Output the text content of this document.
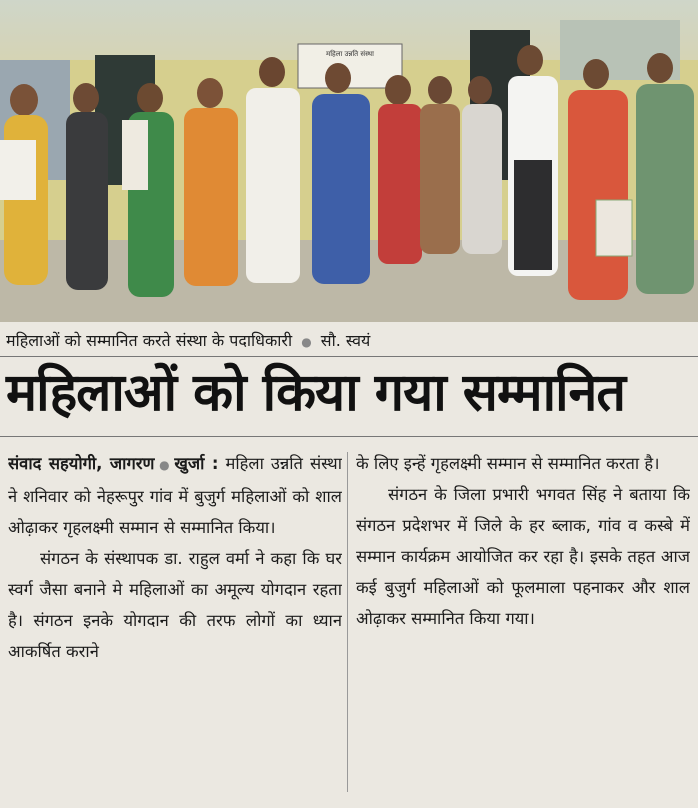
महिला उन्नति संस्था
महिलाओं को सम्मानित करते संस्था के पदाधिकारी ● सौ. स्वयं
महिलाओं को किया गया सम्मानित

संवाद सहयोगी, जागरण ● खुर्जा : महिला उन्नति संस्था ने शनिवार को नेहरूपुर गांव में बुजुर्ग महिलाओं को शाल ओढ़ाकर गृहलक्ष्मी सम्मान से सम्मानित किया।

संगठन के संस्थापक डा. राहुल वर्मा ने कहा कि घर स्वर्ग जैसा बनाने मे महिलाओं का अमूल्य योगदान रहता है। संगठन इनके योगदान की तरफ लोगों का ध्यान आकर्षित कराने

के लिए इन्हें गृहलक्ष्मी सम्मान से सम्मानित करता है।

संगठन के जिला प्रभारी भगवत सिंह ने बताया कि संगठन प्रदेशभर में जिले के हर ब्लाक, गांव व कस्बे में सम्मान कार्यक्रम आयोजित कर रहा है। इसके तहत आज कई बुजुर्ग महिलाओं को फूलमाला पहनाकर और शाल ओढ़ाकर सम्मानित किया गया।
